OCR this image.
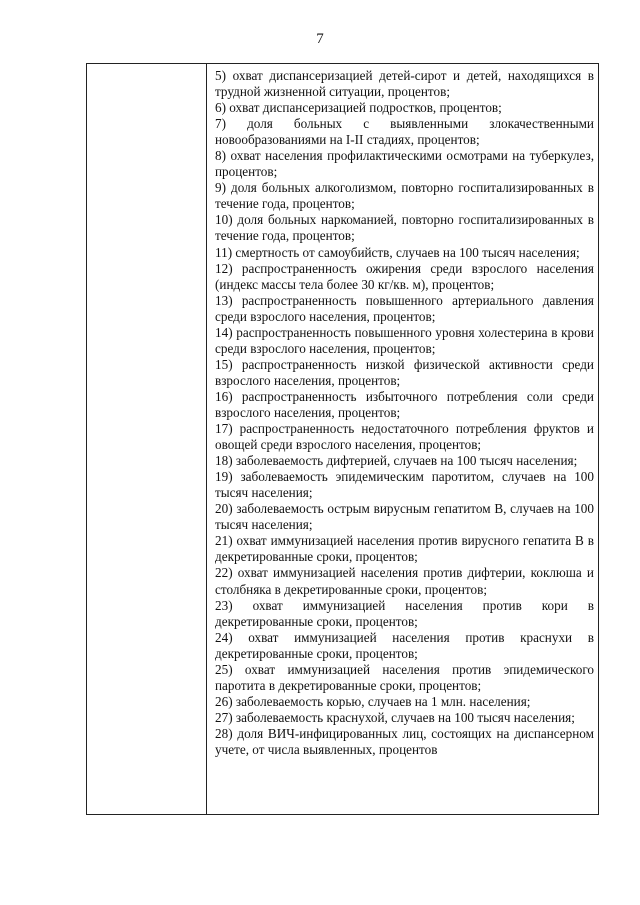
7

5) охват диспансеризацией детей-сирот и детей, находящихся в трудной жизненной ситуации, процентов;

6) охват диспансеризацией подростков, процентов;

7) доля больных с выявленными злокачественными новообразованиями на I-II стадиях, процентов;

8) охват населения профилактическими осмотрами на туберкулез, процентов;

9) доля больных алкоголизмом, повторно госпитализированных в течение года, процентов;

10) доля больных наркоманией, повторно госпитализированных в течение года, процентов;

11) смертность от самоубийств, случаев на 100 тысяч населения;

12) распространенность ожирения среди взрослого населения (индекс массы тела более 30 кг/кв. м), процентов;

13) распространенность повышенного артериального давления среди взрослого населения, процентов;

14) распространенность повышенного уровня холестерина в крови среди взрослого населения, процентов;

15) распространенность низкой физической активности среди взрослого населения, процентов;

16) распространенность избыточного потребления соли среди взрослого населения, процентов;

17) распространенность недостаточного потребления фруктов и овощей среди взрослого населения, процентов;

18) заболеваемость дифтерией, случаев на 100 тысяч населения;

19) заболеваемость эпидемическим паротитом, случаев на 100 тысяч населения;

20) заболеваемость острым вирусным гепатитом В, случаев на 100 тысяч населения;

21) охват иммунизацией населения против вирусного гепатита В в декретированные сроки, процентов;

22) охват иммунизацией населения против дифтерии, коклюша и столбняка в декретированные сроки, процентов;

23) охват иммунизацией населения против кори в декретированные сроки, процентов;

24) охват иммунизацией населения против краснухи в декретированные сроки, процентов;

25) охват иммунизацией населения против эпидемического паротита в декретированные сроки, процентов;

26) заболеваемость корью, случаев на 1 млн. населения;

27) заболеваемость краснухой, случаев на 100 тысяч населения;

28) доля ВИЧ-инфицированных лиц, состоящих на диспансерном учете, от числа выявленных, процентов
